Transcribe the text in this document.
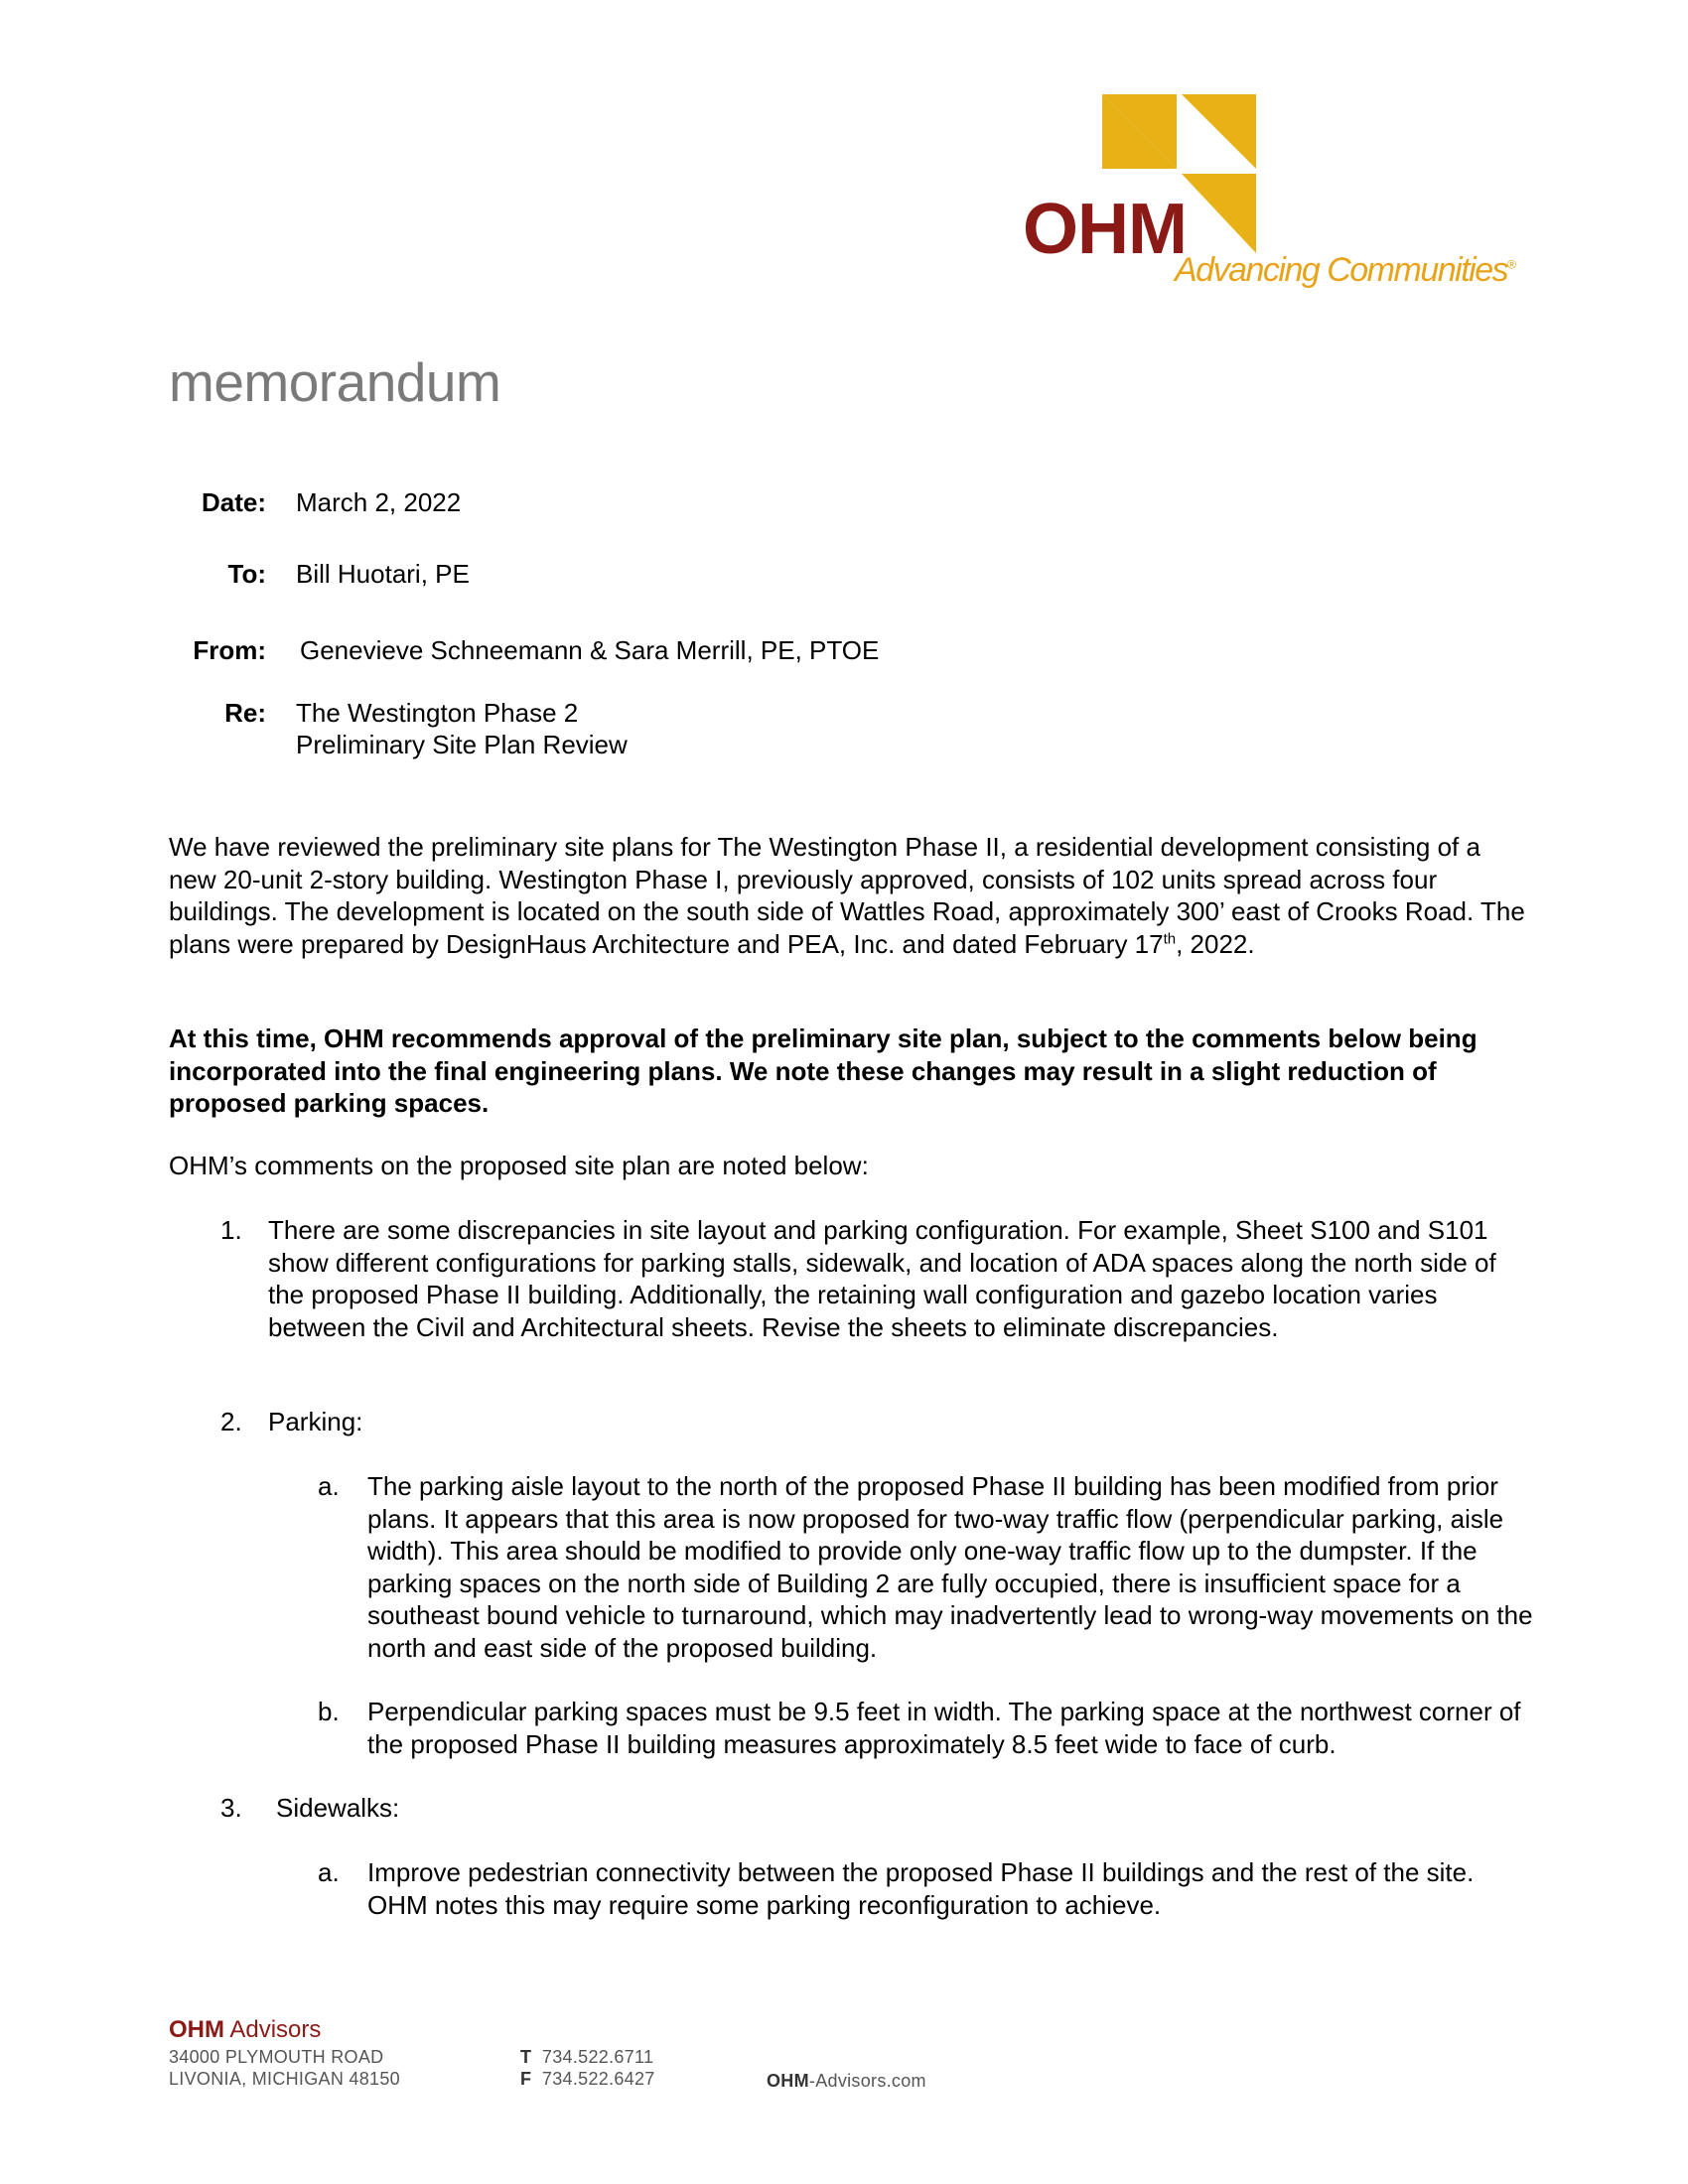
OHM
Advancing Communities®
memorandum
Date: March 2, 2022
To: Bill Huotari, PE
From: Genevieve Schneemann & Sara Merrill, PE, PTOE
Re: The Westington Phase 2
Preliminary Site Plan Review

We have reviewed the preliminary site plans for The Westington Phase II, a residential development consisting of a new 20-unit 2-story building. Westington Phase I, previously approved, consists of 102 units spread across four buildings. The development is located on the south side of Wattles Road, approximately 300’ east of Crooks Road. The plans were prepared by DesignHaus Architecture and PEA, Inc. and dated February 17th, 2022.

At this time, OHM recommends approval of the preliminary site plan, subject to the comments below being incorporated into the final engineering plans. We note these changes may result in a slight reduction of proposed parking spaces.
OHM’s comments on the proposed site plan are noted below:
1. There are some discrepancies in site layout and parking configuration. For example, Sheet S100 and S101 show different configurations for parking stalls, sidewalk, and location of ADA spaces along the north side of the proposed Phase II building. Additionally, the retaining wall configuration and gazebo location varies between the Civil and Architectural sheets. Revise the sheets to eliminate discrepancies.
2. Parking:
a. The parking aisle layout to the north of the proposed Phase II building has been modified from prior plans. It appears that this area is now proposed for two-way traffic flow (perpendicular parking, aisle width). This area should be modified to provide only one-way traffic flow up to the dumpster. If the parking spaces on the north side of Building 2 are fully occupied, there is insufficient space for a southeast bound vehicle to turnaround, which may inadvertently lead to wrong-way movements on the north and east side of the proposed building.
b. Perpendicular parking spaces must be 9.5 feet in width. The parking space at the northwest corner of the proposed Phase II building measures approximately 8.5 feet wide to face of curb.
3. Sidewalks:
a. Improve pedestrian connectivity between the proposed Phase II buildings and the rest of the site. OHM notes this may require some parking reconfiguration to achieve.
OHM Advisors
34000 PLYMOUTH ROAD
LIVONIA, MICHIGAN 48150
T 734.522.6711
F 734.522.6427	OHM-Advisors.com
